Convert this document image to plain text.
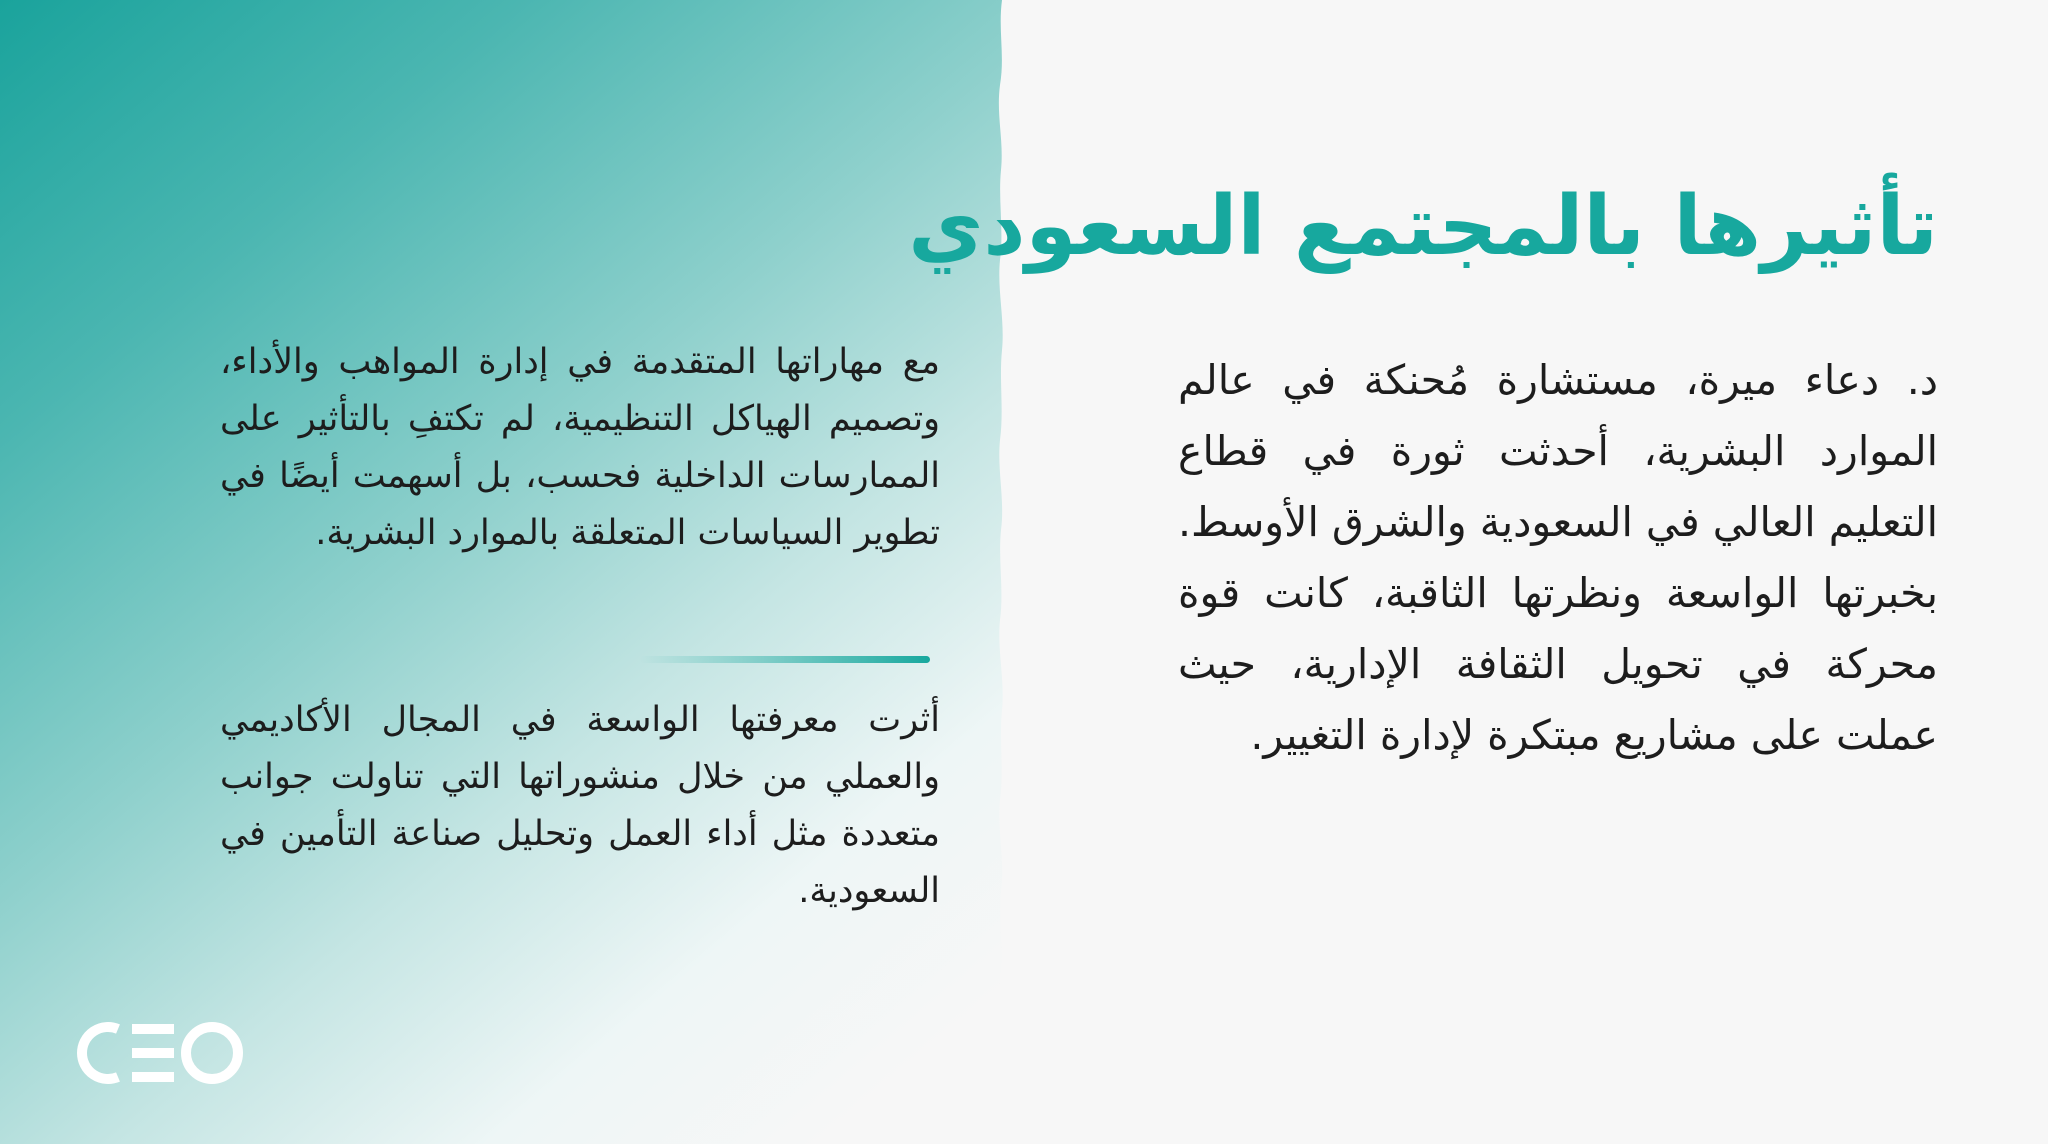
تأثيرها بالمجتمع السعودي

د. دعاء ميرة، مستشارة مُحنكة في عالم الموارد البشرية، أحدثت ثورة في قطاع التعليم العالي في السعودية والشرق الأوسط. بخبرتها الواسعة ونظرتها الثاقبة، كانت قوة محركة في تحويل الثقافة الإدارية، حيث عملت على مشاريع مبتكرة لإدارة التغيير.

مع مهاراتها المتقدمة في إدارة المواهب والأداء، وتصميم الهياكل التنظيمية، لم تكتفِ بالتأثير على الممارسات الداخلية فحسب، بل أسهمت أيضًا في تطوير السياسات المتعلقة بالموارد البشرية.

أثرت معرفتها الواسعة في المجال الأكاديمي والعملي من خلال منشوراتها التي تناولت جوانب متعددة مثل أداء العمل وتحليل صناعة التأمين في السعودية.
